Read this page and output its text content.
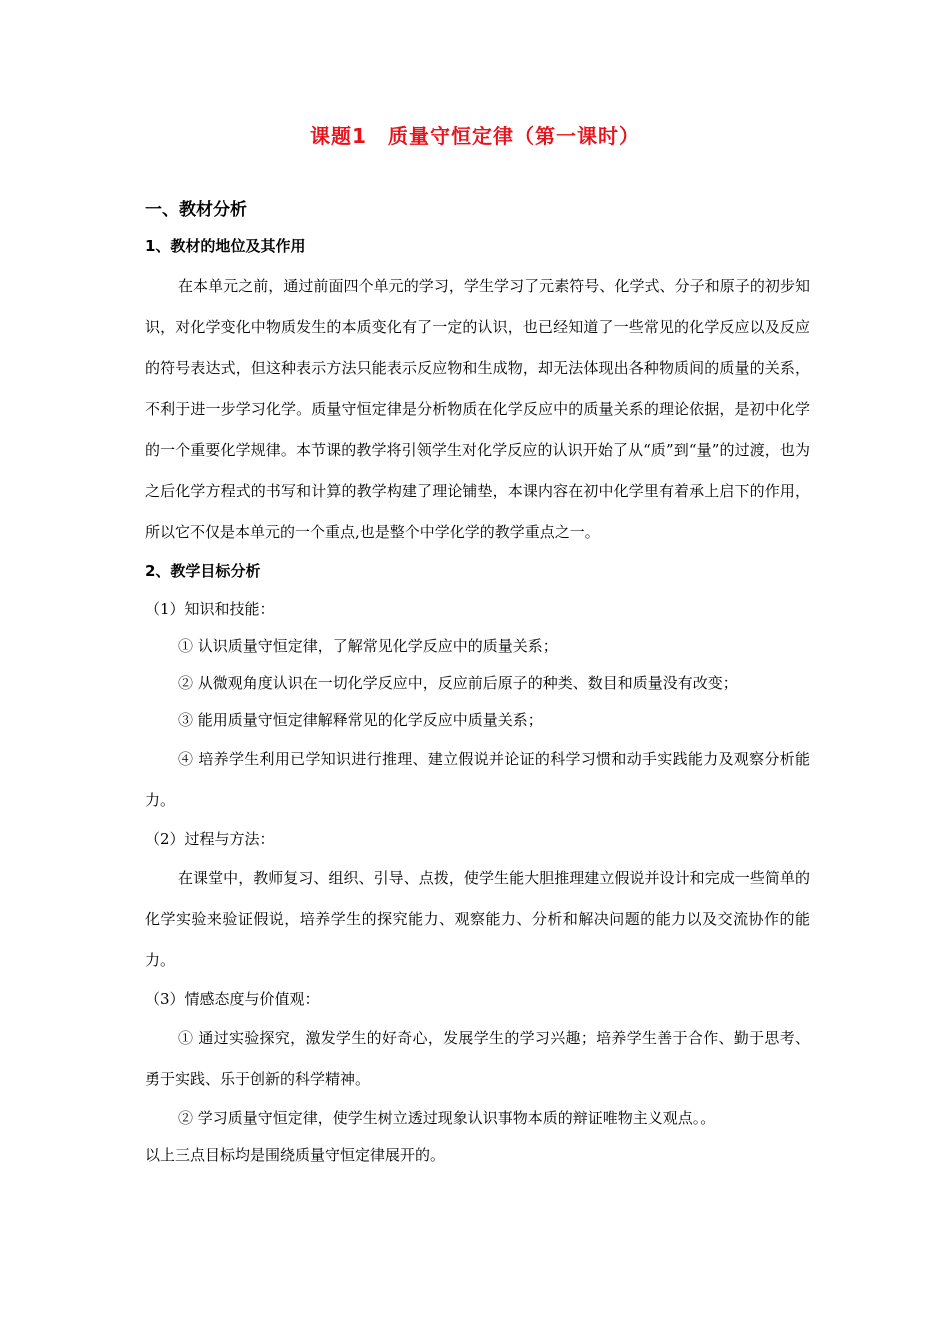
课题1　质量守恒定律（第一课时）
一、教材分析
1、教材的地位及其作用

在本单元之前，通过前面四个单元的学习，学生学习了元素符号、化学式、分子和原子的初步知识，对化学变化中物质发生的本质变化有了一定的认识，也已经知道了一些常见的化学反应以及反应的符号表达式，但这种表示方法只能表示反应物和生成物，却无法体现出各种物质间的质量的关系，不利于进一步学习化学。质量守恒定律是分析物质在化学反应中的质量关系的理论依据，是初中化学的一个重要化学规律。本节课的教学将引领学生对化学反应的认识开始了从“质”到“量”的过渡，也为之后化学方程式的书写和计算的教学构建了理论铺垫，本课内容在初中化学里有着承上启下的作用，所以它不仅是本单元的一个重点,也是整个中学化学的教学重点之一。

2、教学目标分析

（1）知识和技能：

① 认识质量守恒定律，了解常见化学反应中的质量关系；

② 从微观角度认识在一切化学反应中，反应前后原子的种类、数目和质量没有改变；

③ 能用质量守恒定律解释常见的化学反应中质量关系；

④ 培养学生利用已学知识进行推理、建立假说并论证的科学习惯和动手实践能力及观察分析能力。

（2）过程与方法：

在课堂中，教师复习、组织、引导、点拨，使学生能大胆推理建立假说并设计和完成一些简单的化学实验来验证假说，培养学生的探究能力、观察能力、分析和解决问题的能力以及交流协作的能力。

（3）情感态度与价值观：

① 通过实验探究，激发学生的好奇心，发展学生的学习兴趣；培养学生善于合作、勤于思考、勇于实践、乐于创新的科学精神。

② 学习质量守恒定律，使学生树立透过现象认识事物本质的辩证唯物主义观点。。

以上三点目标均是围绕质量守恒定律展开的。
